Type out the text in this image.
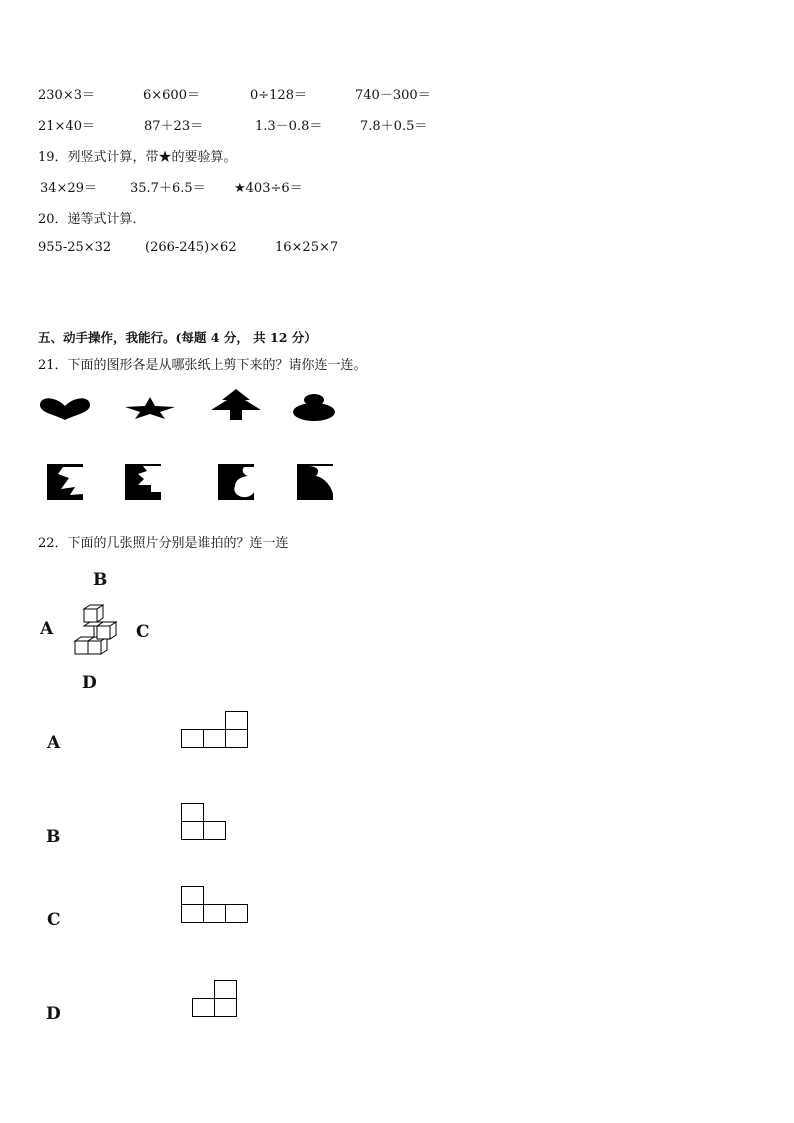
230×3＝	6×600＝	0÷128＝	740－300＝
21×40＝	87＋23＝	1.3－0.8＝	7.8＋0.5＝
19．列竖式计算，带★的要验算。
34×29＝	35.7＋6.5＝ ★403÷6＝
20．递等式计算．
955-25×32	(266-245)×62	16×25×7
五、动手操作，我能行。(每题 4 分， 共 12 分）
21．下面的图形各是从哪张纸上剪下来的？请你连一连。
22．下面的几张照片分别是谁拍的？连一连
B
A	C
D
A
B
C
D
